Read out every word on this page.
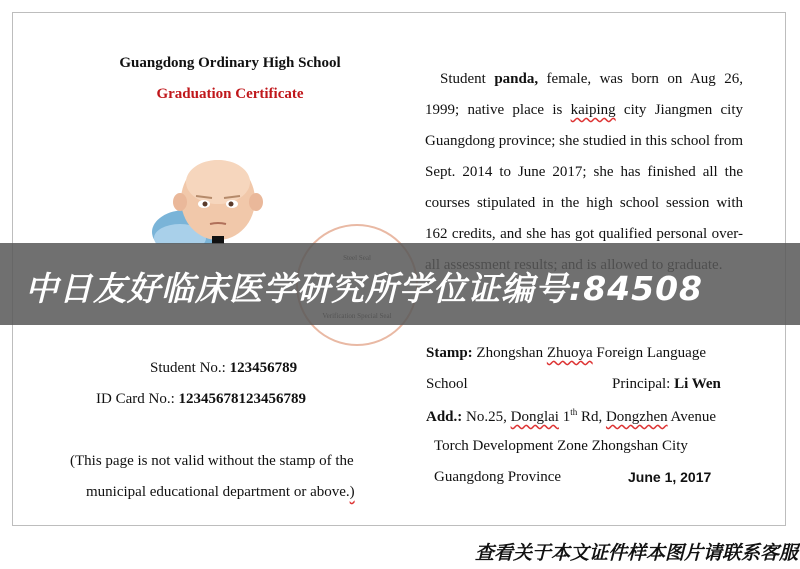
Guangdong Ordinary High School
Graduation Certificate
Student panda, female, was born on Aug 26, 1999; native place is kaiping city Jiangmen city Guangdong province; she studied in this school from Sept. 2014 to June 2017; she has finished all the courses stipulated in the high school session with 162 credits, and she has got qualified personal over-
Student No.: 123456789
ID Card No.: 12345678123456789
(This page is not valid without the stamp of the
municipal educational department or above.)
Stamp: Zhongshan Zhuoya Foreign Language
School	Principal: Li Wen
Add.: No.25, Donglai 1th Rd, Dongzhen Avenue
Torch Development Zone Zhongshan City
Guangdong Province	June 1, 2017
中日友好临床医学研究所学位证编号:84508
查看关于本文证件样本图片请联系客服
